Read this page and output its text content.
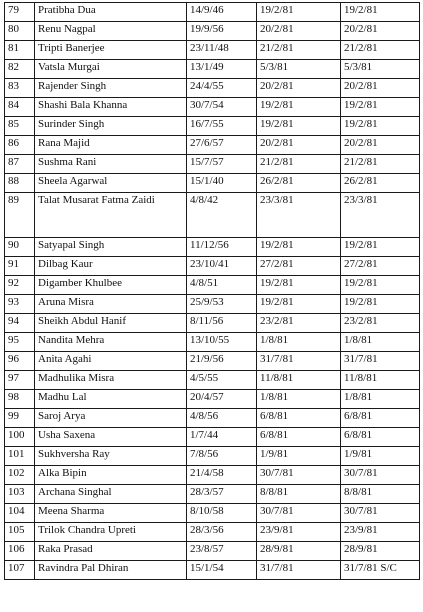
79	Pratibha Dua	14/9/46	19/2/81	19/2/81
80	Renu Nagpal	19/9/56	20/2/81	20/2/81
81	Tripti Banerjee	23/11/48	21/2/81	21/2/81
82	Vatsla Murgai	13/1/49	5/3/81	5/3/81
83	Rajender Singh	24/4/55	20/2/81	20/2/81
84	Shashi Bala Khanna	30/7/54	19/2/81	19/2/81
85	Surinder Singh	16/7/55	19/2/81	19/2/81
86	Rana Majid	27/6/57	20/2/81	20/2/81
87	Sushma Rani	15/7/57	21/2/81	21/2/81
88	Sheela Agarwal	15/1/40	26/2/81	26/2/81
89	Talat Musarat Fatma Zaidi	4/8/42	23/3/81	23/3/81
90	Satyapal Singh	11/12/56	19/2/81	19/2/81
91	Dilbag Kaur	23/10/41	27/2/81	27/2/81
92	Digamber Khulbee	4/8/51	19/2/81	19/2/81
93	Aruna Misra	25/9/53	19/2/81	19/2/81
94	Sheikh Abdul Hanif	8/11/56	23/2/81	23/2/81
95	Nandita Mehra	13/10/55	1/8/81	1/8/81
96	Anita Agahi	21/9/56	31/7/81	31/7/81
97	Madhulika Misra	4/5/55	11/8/81	11/8/81
98	Madhu Lal	20/4/57	1/8/81	1/8/81
99	Saroj Arya	4/8/56	6/8/81	6/8/81
100	Usha Saxena	1/7/44	6/8/81	6/8/81
101	Sukhversha Ray	7/8/56	1/9/81	1/9/81
102	Alka Bipin	21/4/58	30/7/81	30/7/81
103	Archana Singhal	28/3/57	8/8/81	8/8/81
104	Meena Sharma	8/10/58	30/7/81	30/7/81
105	Trilok Chandra Upreti	28/3/56	23/9/81	23/9/81
106	Raka Prasad	23/8/57	28/9/81	28/9/81
107	Ravindra Pal Dhiran	15/1/54	31/7/81	31/7/81 S/C
